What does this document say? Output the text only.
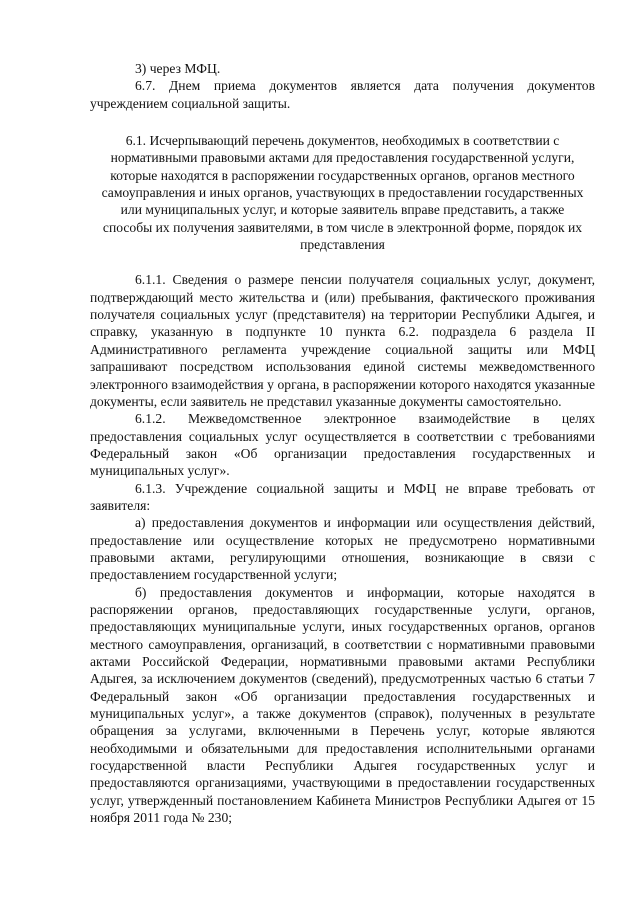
3) через МФЦ.

6.7. Днем приема документов является дата получения документов учреждением социальной защиты.

6.1. Исчерпывающий перечень документов, необходимых в соответствии с нормативными правовыми актами для предоставления государственной услуги, которые находятся в распоряжении государственных органов, органов местного самоуправления и иных органов, участвующих в предоставлении государственных или муниципальных услуг, и которые заявитель вправе представить, а также способы их получения заявителями, в том числе в электронной форме, порядок их представления

6.1.1. Сведения о размере пенсии получателя социальных услуг, документ, подтверждающий место жительства и (или) пребывания, фактического проживания получателя социальных услуг (представителя) на территории Республики Адыгея, и справку, указанную в подпункте 10 пункта 6.2. подраздела 6 раздела II Административного регламента учреждение социальной защиты или МФЦ запрашивают посредством использования единой системы межведомственного электронного взаимодействия у органа, в распоряжении которого находятся указанные документы, если заявитель не представил указанные документы самостоятельно.

6.1.2. Межведомственное электронное взаимодействие в целях предоставления социальных услуг осуществляется в соответствии с требованиями Федеральный закон «Об организации предоставления государственных и муниципальных услуг».

6.1.3. Учреждение социальной защиты и МФЦ не вправе требовать от заявителя:

а) предоставления документов и информации или осуществления действий, предоставление или осуществление которых не предусмотрено нормативными правовыми актами, регулирующими отношения, возникающие в связи с предоставлением государственной услуги;

б) предоставления документов и информации, которые находятся в распоряжении органов, предоставляющих государственные услуги, органов, предоставляющих муниципальные услуги, иных государственных органов, органов местного самоуправления, организаций, в соответствии с нормативными правовыми актами Российской Федерации, нормативными правовыми актами Республики Адыгея, за исключением документов (сведений), предусмотренных частью 6 статьи 7 Федеральный закон «Об организации предоставления государственных и муниципальных услуг», а также документов (справок), полученных в результате обращения за услугами, включенными в Перечень услуг, которые являются необходимыми и обязательными для предоставления исполнительными органами государственной власти Республики Адыгея государственных услуг и предоставляются организациями, участвующими в предоставлении государственных услуг, утвержденный постановлением Кабинета Министров Республики Адыгея от 15 ноября 2011 года № 230;
